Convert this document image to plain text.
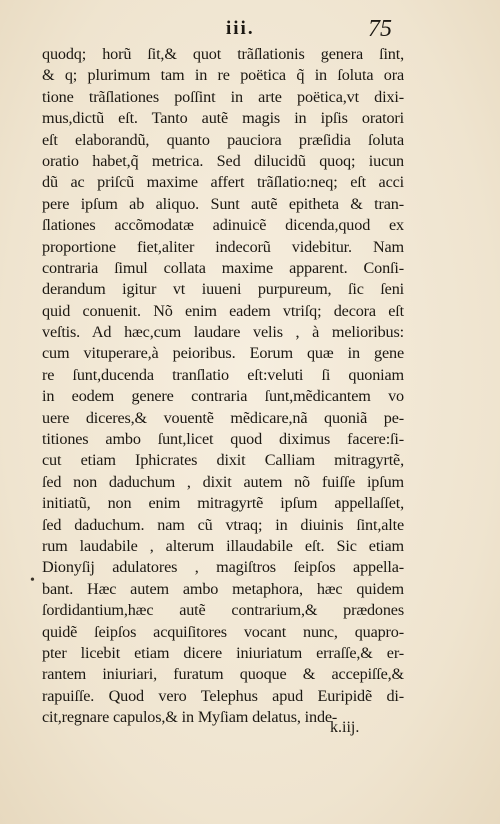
iii.	75
•
quodq; horũ ſit,& quot trãſlationis genera ſint,
& q; plurimum tam in re poëtica q̃ in ſoluta ora
tione trãſlationes poſſint in arte poëtica,vt dixi-
mus,dictũ eſt. Tanto autẽ magis in ipſis oratori
eſt elaborandũ, quanto pauciora præſidia ſoluta
oratio habet,q̃ metrica. Sed dilucidũ quoq; iucun
dũ ac priſcũ maxime affert trãſlatio:neq; eſt acci
pere ipſum ab aliquo. Sunt autẽ epitheta & tran-
ſlationes accõmodatæ adinuicẽ dicenda,quod ex
proportione fiet,aliter indecorũ videbitur. Nam
contraria ſimul collata maxime apparent. Conſi-
derandum igitur vt iuueni purpureum, ſic ſeni
quid conuenit. Nõ enim eadem vtriſq; decora eſt
veſtis. Ad hæc,cum laudare velis , à melioribus:
cum vituperare,à peioribus. Eorum quæ in gene
re ſunt,ducenda tranſlatio eſt:veluti ſi quoniam
in eodem genere contraria ſunt,mẽdicantem vo
uere diceres,& vouentẽ mẽdicare,nã quoniã pe-
titiones ambo ſunt,licet quod diximus facere:ſi-
cut etiam Iphicrates dixit Calliam mitragyrtẽ,
ſed non daduchum , dixit autem nõ fuiſſe ipſum
initiatũ, non enim mitragyrtẽ ipſum appellaſſet,
ſed daduchum. nam cũ vtraq; in diuinis ſint,alte
rum laudabile , alterum illaudabile eſt. Sic etiam
Dionyſij adulatores , magiſtros ſeipſos appella-
bant. Hæc autem ambo metaphora, hæc quidem
ſordidantium,hæc autẽ contrarium,& prædones
quidẽ ſeipſos acquiſitores vocant nunc, quapro-
pter licebit etiam dicere iniuriatum erraſſe,& er-
rantem iniuriari, furatum quoque & accepiſſe,&
rapuiſſe. Quod vero Telephus apud Euripidẽ di-
cit,regnare capulos,& in Myſiam delatus, inde-
k.iij.
